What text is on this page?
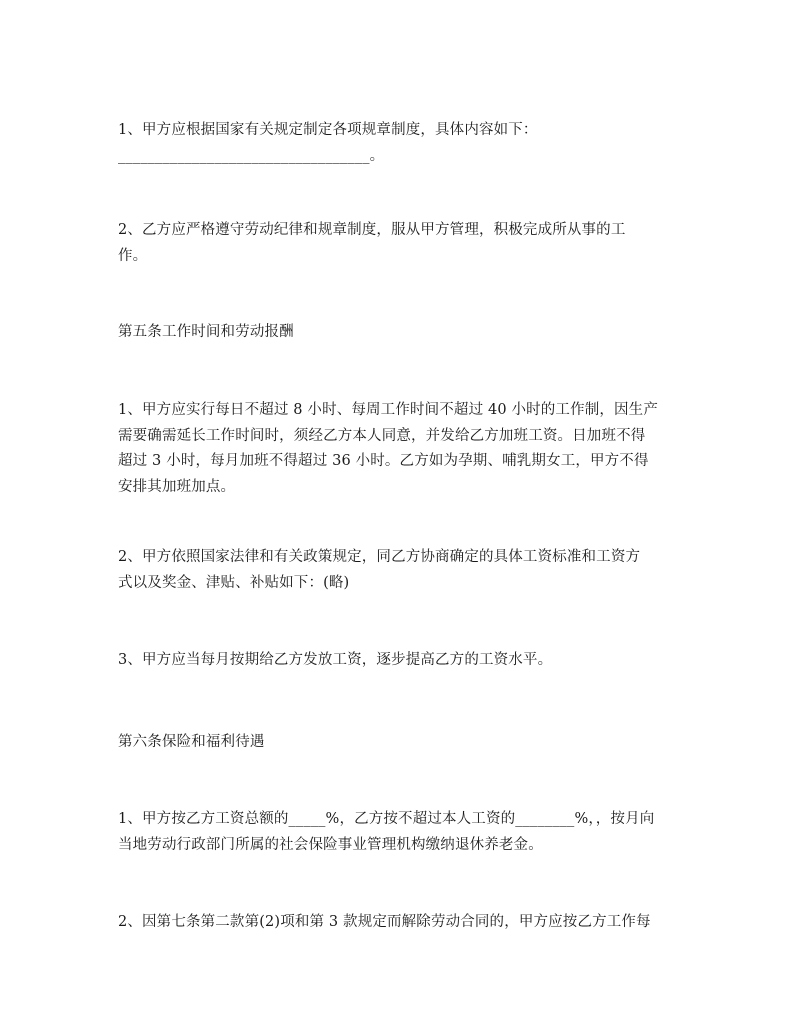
1、甲方应根据国家有关规定制定各项规章制度，具体内容如下：
__________________________________。

2、乙方应严格遵守劳动纪律和规章制度，服从甲方管理，积极完成所从事的工
作。

第五条工作时间和劳动报酬

1、甲方应实行每日不超过 8 小时、每周工作时间不超过 40 小时的工作制，因生产
需要确需延长工作时间时，须经乙方本人同意，并发给乙方加班工资。日加班不得
超过 3 小时，每月加班不得超过 36 小时。乙方如为孕期、哺乳期女工，甲方不得
安排其加班加点。

2、甲方依照国家法律和有关政策规定，同乙方协商确定的具体工资标准和工资方
式以及奖金、津贴、补贴如下：(略)

3、甲方应当每月按期给乙方发放工资，逐步提高乙方的工资水平。

第六条保险和福利待遇

1、甲方按乙方工资总额的_____%，乙方按不超过本人工资的________%，，按月向
当地劳动行政部门所属的社会保险事业管理机构缴纳退休养老金。

2、因第七条第二款第(2)项和第 3 款规定而解除劳动合同的，甲方应按乙方工作每
